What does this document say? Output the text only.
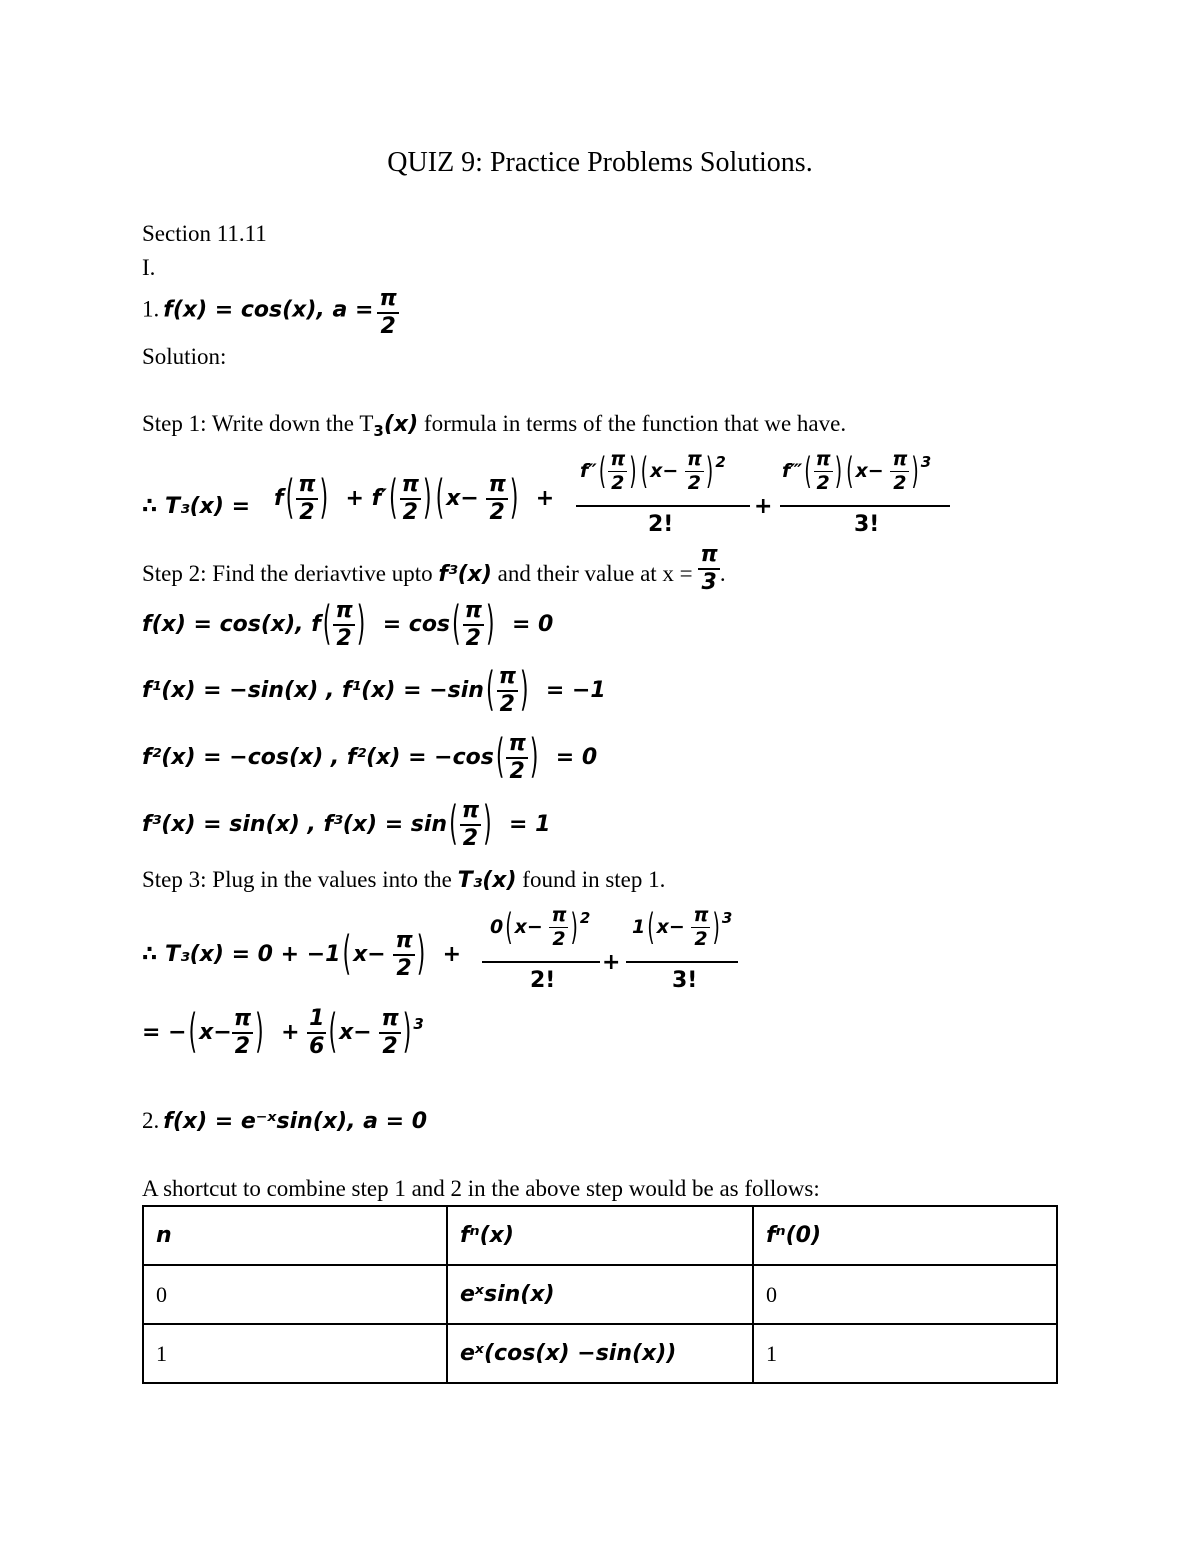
QUIZ 9: Practice Problems Solutions.
Section 11.11
I.
1. f(x) = cos(x), $a = \frac{\pi}{2}$
Solution:
Step 1: Write down the $T_3(x)$ formula in terms of the function that we have.
∴ $T_3(x) = f( \frac{\pi}{2}$ )  + $f'( \frac{\pi}{2}$ ) ($x- \frac{\pi}{2}$ )  +
f″ ( $\frac{\pi}{2}$ ) ( $x- \frac{\pi}{2}$ ) $^2$
2!
+
f‴ ( $\frac{\pi}{2}$ ) ( $x- \frac{\pi}{2}$ ) $^3$
3!
Step 2: Find the deriavtive upto f³(x) and their value at $x = \frac{\pi}{3}$ .
f(x) = cos(x), $f( \frac{\pi}{2}$ ) = $\cos( \frac{\pi}{2}$ ) = 0
f¹(x) = −sin(x) , $f^1(x) = -\sin( \frac{\pi}{2}$ ) = −1
f²(x) = −cos(x) , $f^2(x) = -\cos( \frac{\pi}{2}$ ) = 0
f³(x) = sin(x) , $f^3(x) = \sin( \frac{\pi}{2}$ ) = 1
Step 3: Plug in the values into the T₃(x) found in step 1.
∴ $T_3(x) = 0 + -1(x- \frac{\pi}{2}$ )  +
0 ( $x- \frac{\pi}{2}$ ) $^2$
2!
+
1 ( $x- \frac{\pi}{2}$ ) $^3$
3!
= $-(x- \frac{\pi}{2}$ )  + $\frac{1}{6} (x- \frac{\pi}{2}$ ) $^3$
2. f(x) = e⁻ˣsin(x), a = 0
A shortcut to combine step 1 and 2 in the above step would be as follows:
n	fⁿ(x)	fⁿ(0)
0	eˣsin(x)	0
1	eˣ(cos(x) −sin(x))	1
